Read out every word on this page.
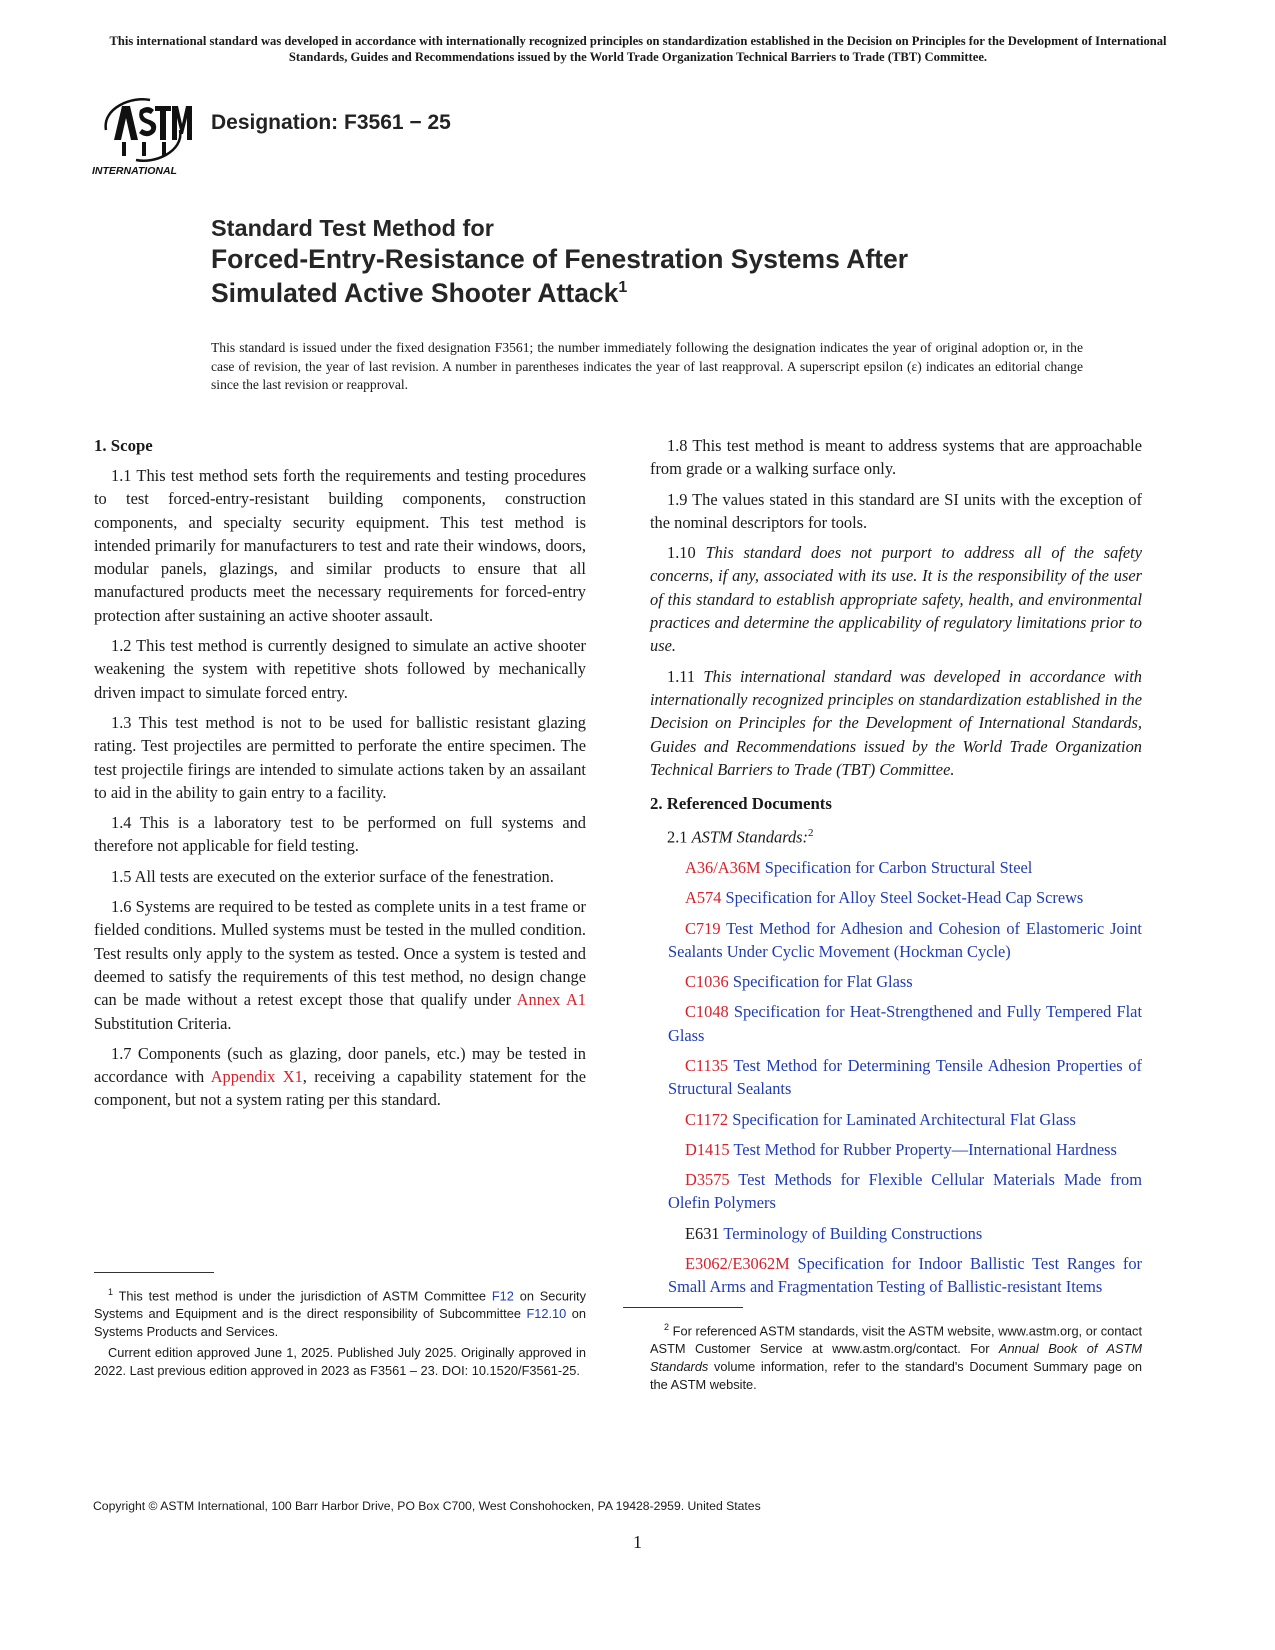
This international standard was developed in accordance with internationally recognized principles on standardization established in the Decision on Principles for the Development of International Standards, Guides and Recommendations issued by the World Trade Organization Technical Barriers to Trade (TBT) Committee.
INTERNATIONAL
Designation: F3561 − 25
Standard Test Method for
Forced-Entry-Resistance of Fenestration Systems After
Simulated Active Shooter Attack$^1$
This standard is issued under the fixed designation F3561; the number immediately following the designation indicates the year of original adoption or, in the case of revision, the year of last revision. A number in parentheses indicates the year of last reapproval. A superscript epsilon (ε) indicates an editorial change since the last revision or reapproval.
1. Scope

1.1 This test method sets forth the requirements and testing procedures to test forced-entry-resistant building components, construction components, and specialty security equipment. This test method is intended primarily for manufacturers to test and rate their windows, doors, modular panels, glazings, and similar products to ensure that all manufactured products meet the necessary requirements for forced-entry protection after sustaining an active shooter assault.

1.2 This test method is currently designed to simulate an active shooter weakening the system with repetitive shots followed by mechanically driven impact to simulate forced entry.

1.3 This test method is not to be used for ballistic resistant glazing rating. Test projectiles are permitted to perforate the entire specimen. The test projectile firings are intended to simulate actions taken by an assailant to aid in the ability to gain entry to a facility.

1.4 This is a laboratory test to be performed on full systems and therefore not applicable for field testing.

1.5 All tests are executed on the exterior surface of the fenestration.

1.6 Systems are required to be tested as complete units in a test frame or fielded conditions. Mulled systems must be tested in the mulled condition. Test results only apply to the system as tested. Once a system is tested and deemed to satisfy the requirements of this test method, no design change can be made without a retest except those that qualify under Annex A1 Substitution Criteria.

1.7 Components (such as glazing, door panels, etc.) may be tested in accordance with Appendix X1, receiving a capability statement for the component, but not a system rating per this standard.

1.8 This test method is meant to address systems that are approachable from grade or a walking surface only.

1.9 The values stated in this standard are SI units with the exception of the nominal descriptors for tools.

1.10 This standard does not purport to address all of the safety concerns, if any, associated with its use. It is the responsibility of the user of this standard to establish appropriate safety, health, and environmental practices and determine the applicability of regulatory limitations prior to use.

1.11 This international standard was developed in accordance with internationally recognized principles on standardization established in the Decision on Principles for the Development of International Standards, Guides and Recommendations issued by the World Trade Organization Technical Barriers to Trade (TBT) Committee.

2. Referenced Documents

2.1 ASTM Standards:$^2$

A36/A36M Specification for Carbon Structural Steel

A574 Specification for Alloy Steel Socket-Head Cap Screws

C719 Test Method for Adhesion and Cohesion of Elastomeric Joint Sealants Under Cyclic Movement (Hockman Cycle)

C1036 Specification for Flat Glass

C1048 Specification for Heat-Strengthened and Fully Tempered Flat Glass

C1135 Test Method for Determining Tensile Adhesion Properties of Structural Sealants

C1172 Specification for Laminated Architectural Flat Glass

D1415 Test Method for Rubber Property—International Hardness

D3575 Test Methods for Flexible Cellular Materials Made from Olefin Polymers

E631 Terminology of Building Constructions

E3062/E3062M Specification for Indoor Ballistic Test Ranges for Small Arms and Fragmentation Testing of Ballistic-resistant Items

$^1$ This test method is under the jurisdiction of ASTM Committee F12 on Security Systems and Equipment and is the direct responsibility of Subcommittee F12.10 on Systems Products and Services.

Current edition approved June 1, 2025. Published July 2025. Originally approved in 2022. Last previous edition approved in 2023 as F3561 – 23. DOI: 10.1520/F3561-25.

$^2$ For referenced ASTM standards, visit the ASTM website, www.astm.org, or contact ASTM Customer Service at www.astm.org/contact. For Annual Book of ASTM Standards volume information, refer to the standard's Document Summary page on the ASTM website.

Copyright © ASTM International, 100 Barr Harbor Drive, PO Box C700, West Conshohocken, PA 19428-2959. United States
1
